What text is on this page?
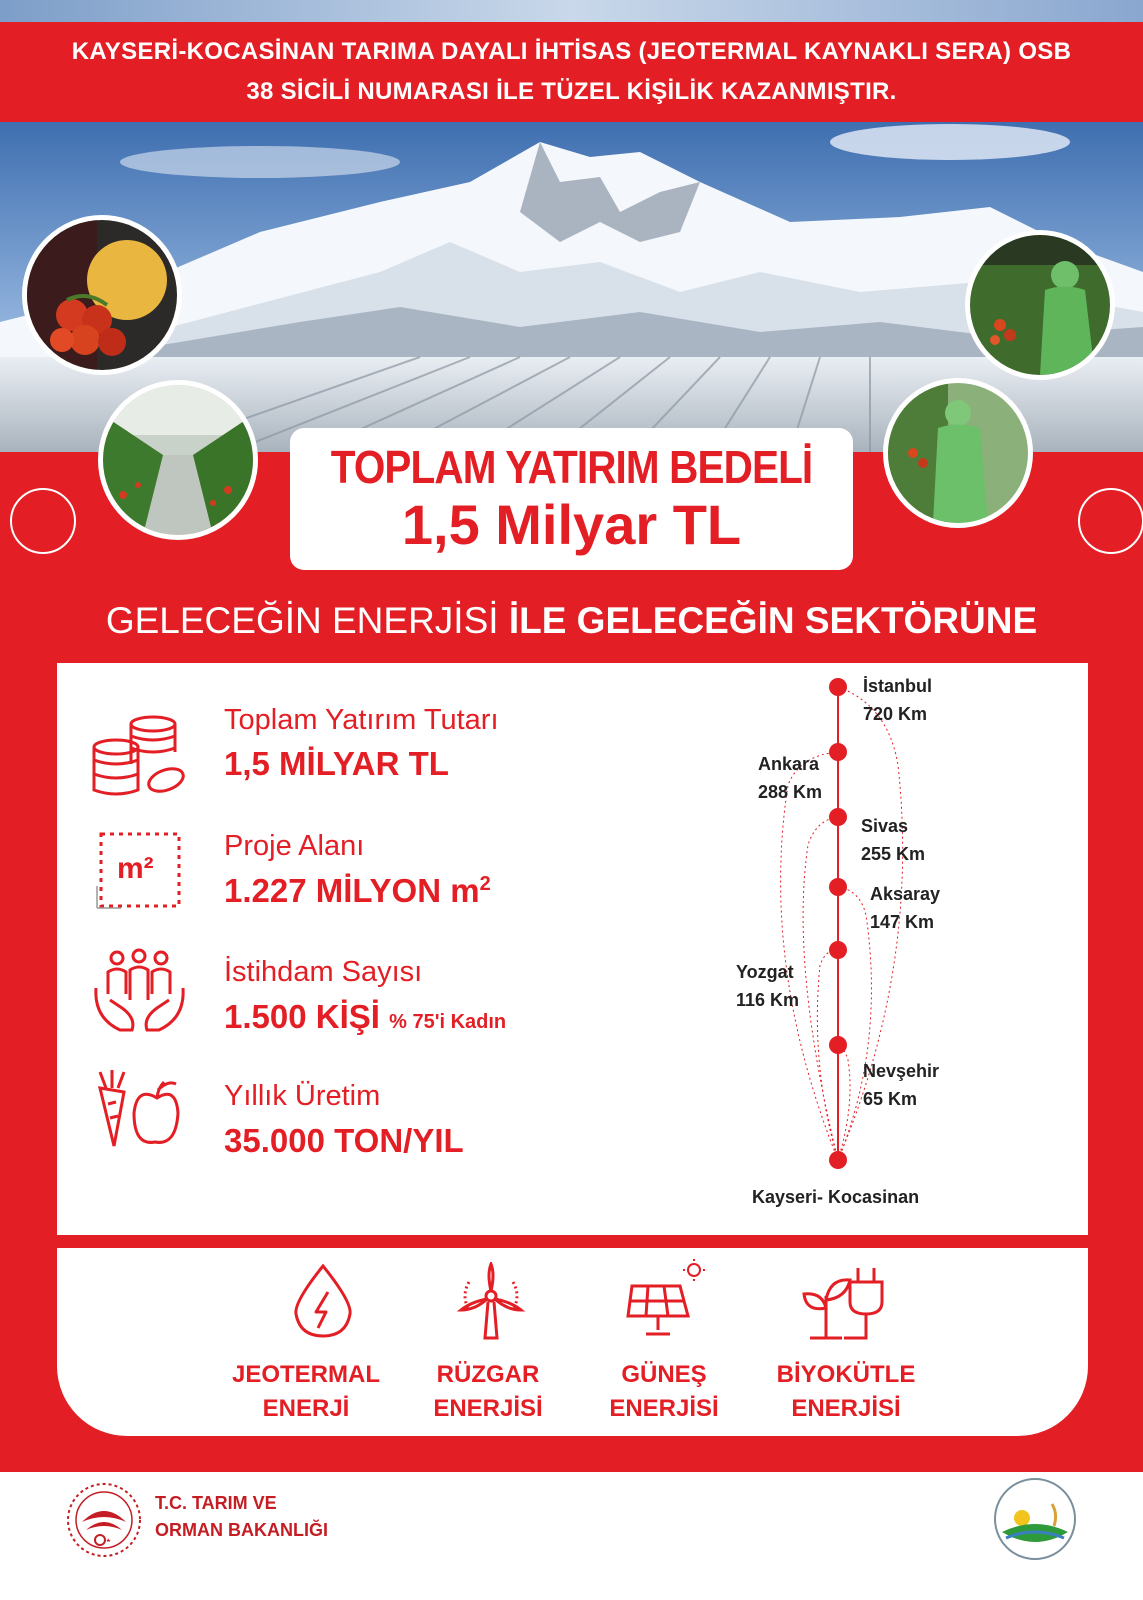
KAYSERİ-KOCASİNAN TARIMA DAYALI İHTİSAS (JEOTERMAL KAYNAKLI SERA) OSB
38 SİCİLİ NUMARASI İLE TÜZEL KİŞİLİK KAZANMIŞTIR.
TOPLAM YATIRIM BEDELİ
1,5 Milyar TL
GELECEĞİN ENERJİSİ İLE GELECEĞİN SEKTÖRÜNE
m²
Toplam Yatırım Tutarı
1,5 MİLYAR TL
Proje Alanı
1.227 MİLYON $m^2$
İstihdam Sayısı
1.500 KİŞİ % 75'i Kadın
Yıllık Üretim
35.000 TON/YIL
İstanbul
720 Km
Ankara
288 Km
Sivas
255 Km
Aksaray
147 Km
Yozgat
116 Km
Nevşehir
65 Km
Kayseri- Kocasinan
JEOTERMAL
ENERJİ
RÜZGAR
ENERJİSİ
GÜNEŞ
ENERJİSİ
BİYOKÜTLE
ENERJİSİ
T.C. TARIM VE
ORMAN BAKANLIĞI
